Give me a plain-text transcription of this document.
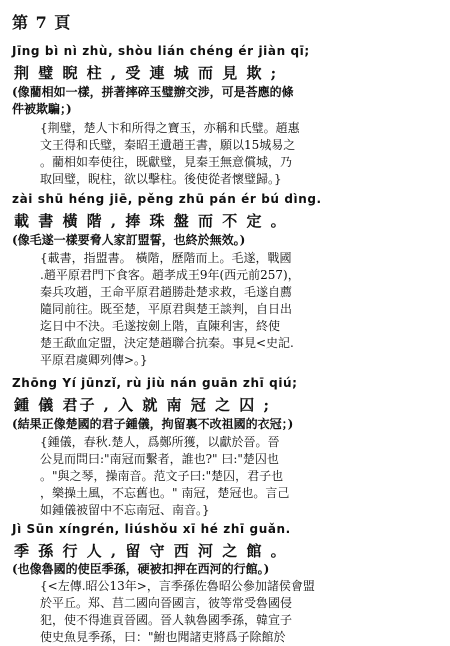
第 7 頁
Jīng bì nì zhù, shòu lián chéng ér jiàn qī;
荆 璧 睨 柱 , 受 連 城 而 見 欺 ;
(像藺相如一樣，拼著摔碎玉璧辦交涉，可是荅應的條
件被欺騙；)
{荆璧，楚人卞和所得之寶玉，亦稱和氏璧。趙惠
文王得和氏璧，秦昭王遺趙王書，願以15城易之
。藺相如奉使往，既獻璧，見秦王無意償城，乃
取回璧，睨柱，欲以擊柱。後使從者懷璧歸。}
zài shū héng jiē, pěng zhū pán ér bú dìng.
載 書 橫 階 , 捧 珠 盤 而 不 定 。
(像毛遂一樣要脅人家訂盟誓，也終於無效。)
{載書，指盟書。 橫階，歷階而上。毛遂，戰國
.趙平原君門下食客。趙孝成王9年(西元前257)，
秦兵攻趙，王命平原君趙勝赴楚求救，毛遂自薦
隨同前往。既至楚，平原君與楚王談判，自日出
迄日中不決。毛遂按劍上階，直陳利害，終使
楚王歃血定盟，決定楚趙聯合抗秦。事見<史記.
平原君虞卿列傳>。}
Zhōng Yí jūnzǐ, rù jiù nán guān zhī qiú;
鍾 儀 君子 , 入 就 南 冠 之 囚 ;
(結果正像楚國的君子鍾儀，拘留裏不改祖國的衣冠；)
{鍾儀，春秋.楚人，爲鄭所獲，以獻於晉。晉
公見而問曰:"南冠而繫者，誰也?" 曰:"楚囚也
。"與之琴，操南音。范文子曰:"楚囚，君子也
，樂操土風，不忘舊也。" 南冠，楚冠也。言己
如鍾儀被留中不忘南冠、南音。}
Jì Sūn xíngrén, liúshǒu xī hé zhī guǎn.
季 孫 行 人 , 留 守 西 河 之 館 。
(也像魯國的使臣季孫，硬被扣押在西河的行館。)
{<左傳.昭公13年>，言季孫佐魯昭公參加諸侯會盟
於平丘。郑、莒二國向晉國言，彼等常受魯國侵
犯，使不得進貢晉國。晉人執魯國季孫，韓宣子
使史魚見季孫，曰："鮒也聞諸吏將爲子除館於
